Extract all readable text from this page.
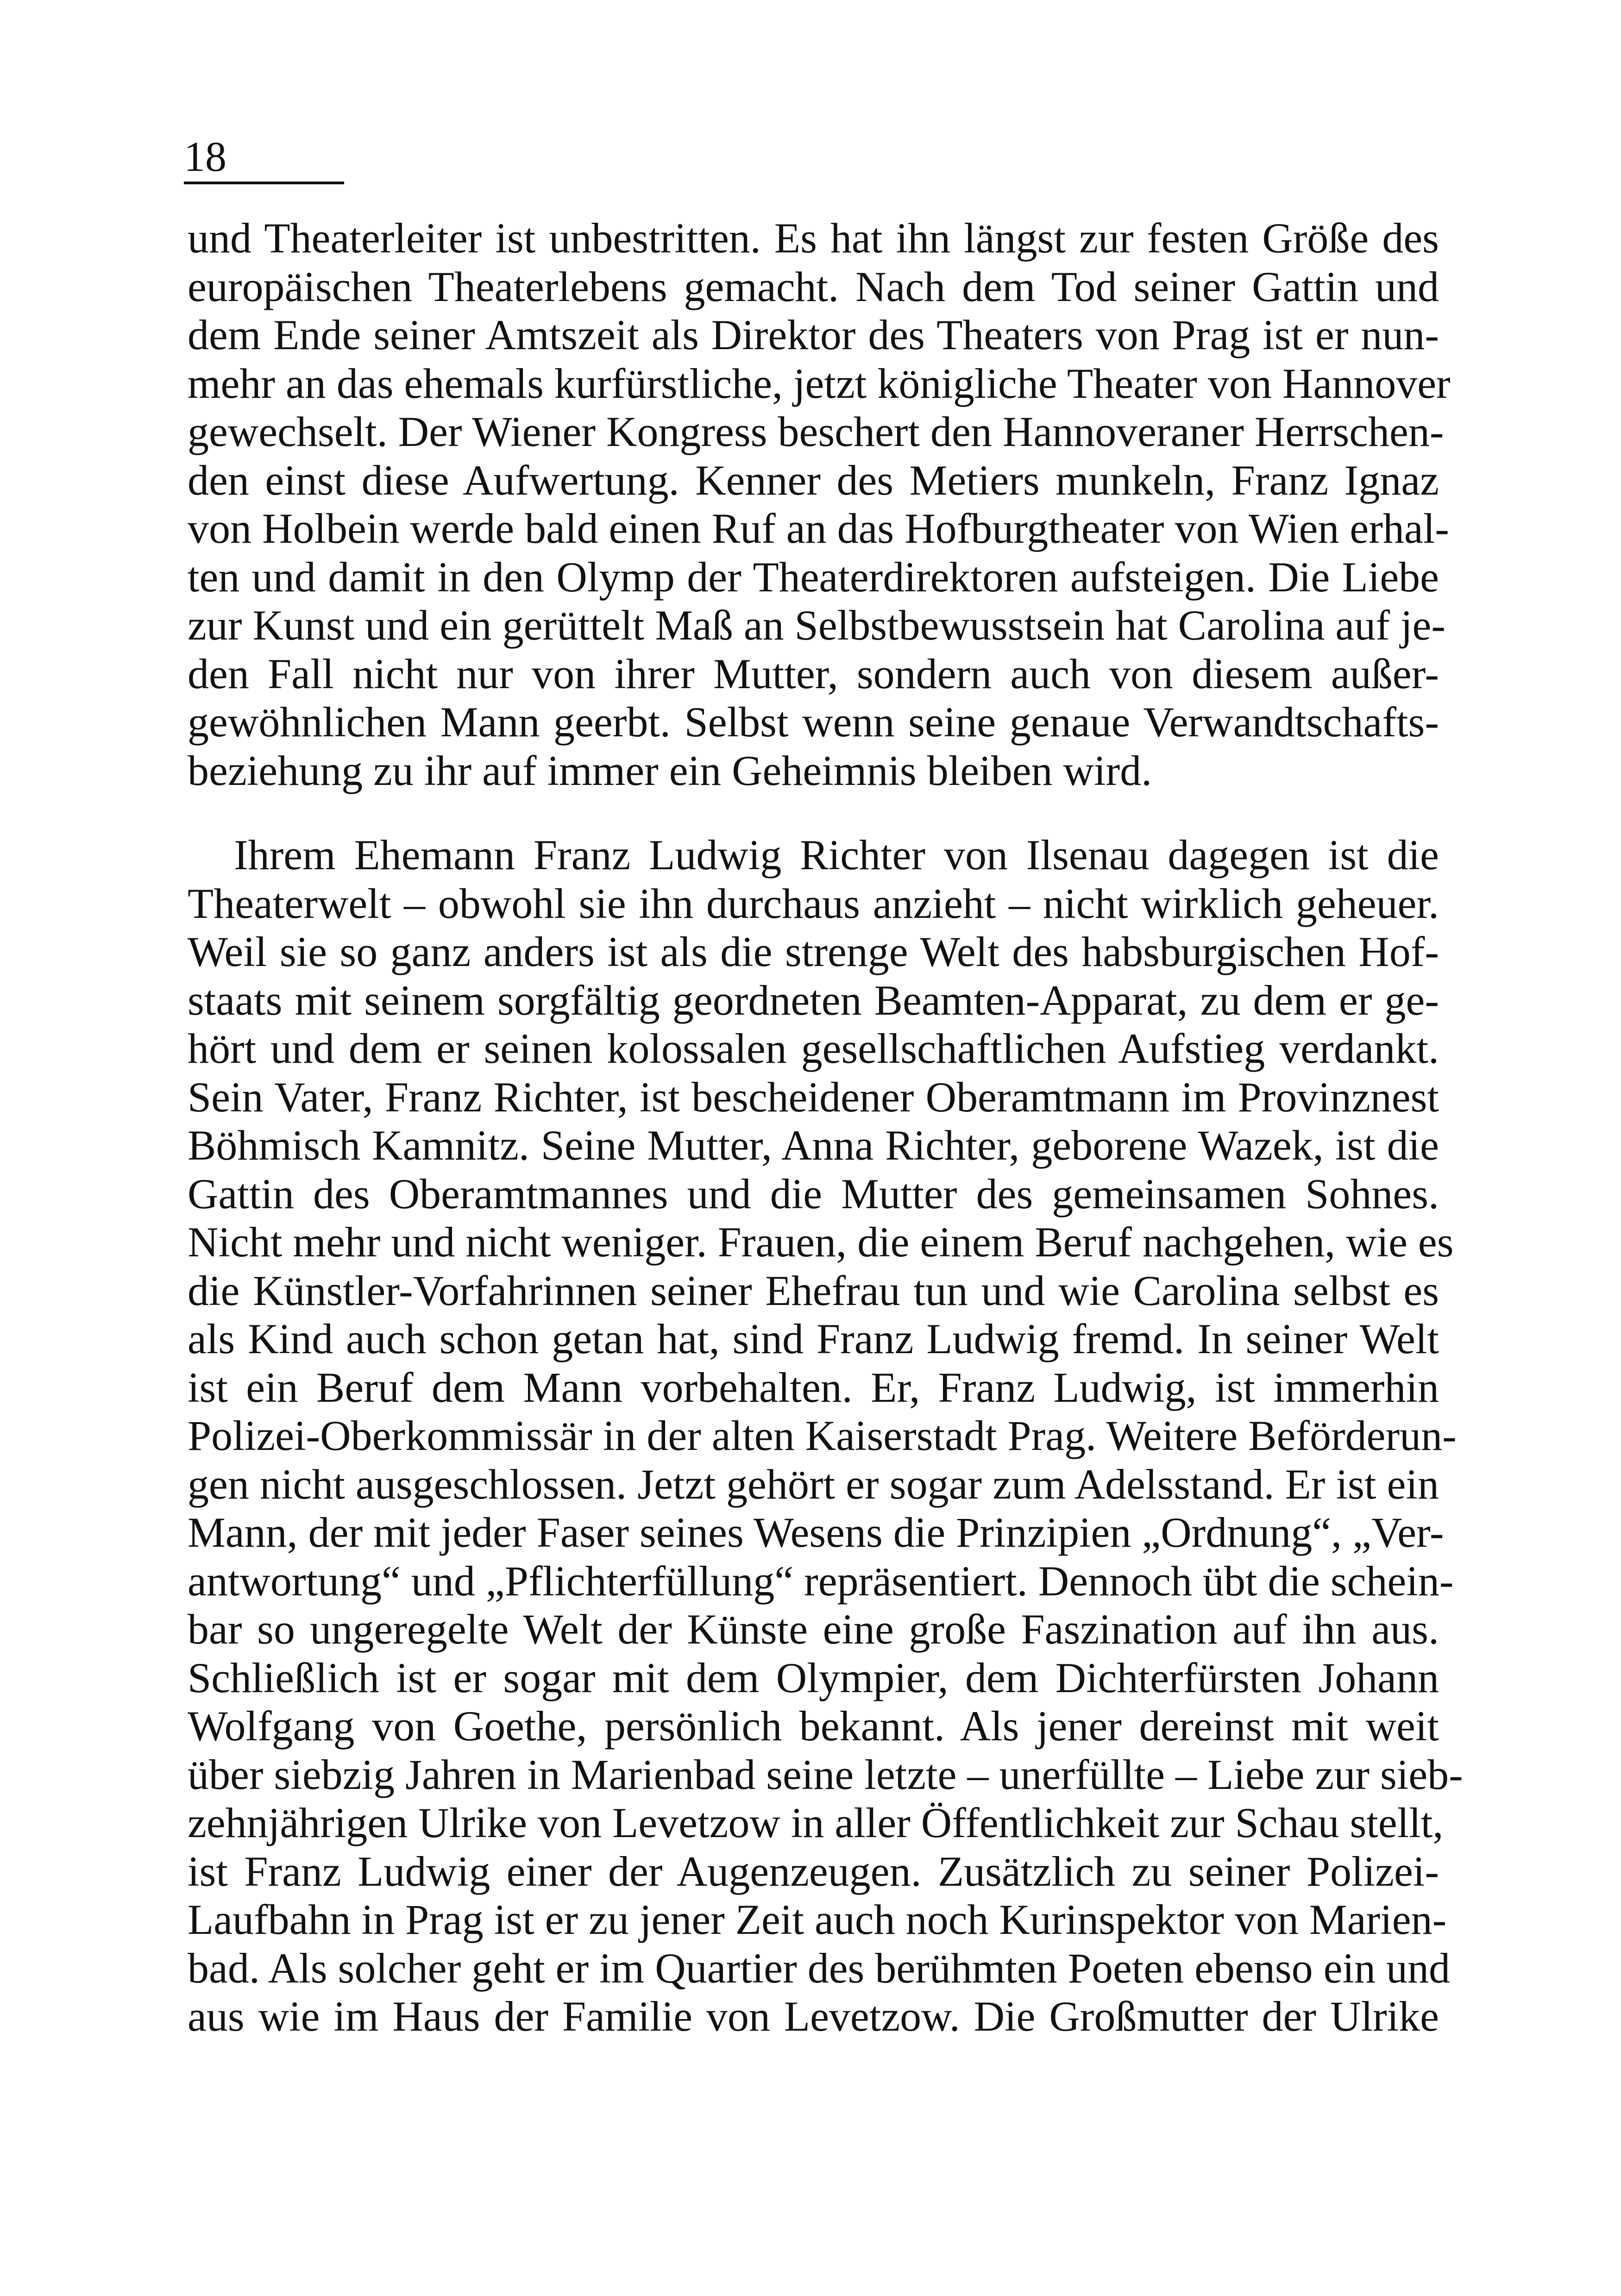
18

und Theaterleiter ist unbestritten. Es hat ihn längst zur festen Größe des
europäischen Theaterlebens gemacht. Nach dem Tod seiner Gattin und
dem Ende seiner Amtszeit als Direktor des Theaters von Prag ist er nun-
mehr an das ehemals kurfürstliche, jetzt königliche Theater von Hannover
gewechselt. Der Wiener Kongress beschert den Hannoveraner Herrschen-
den einst diese Aufwertung. Kenner des Metiers munkeln, Franz Ignaz
von Holbein werde bald einen Ruf an das Hofburgtheater von Wien erhal-
ten und damit in den Olymp der Theaterdirektoren aufsteigen. Die Liebe
zur Kunst und ein gerüttelt Maß an Selbstbewusstsein hat Carolina auf je-
den Fall nicht nur von ihrer Mutter, sondern auch von diesem außer-
gewöhnlichen Mann geerbt. Selbst wenn seine genaue Verwandtschafts-
beziehung zu ihr auf immer ein Geheimnis bleiben wird.

Ihrem Ehemann Franz Ludwig Richter von Ilsenau dagegen ist die
Theaterwelt – obwohl sie ihn durchaus anzieht – nicht wirklich geheuer.
Weil sie so ganz anders ist als die strenge Welt des habsburgischen Hof-
staats mit seinem sorgfältig geordneten Beamten-Apparat, zu dem er ge-
hört und dem er seinen kolossalen gesellschaftlichen Aufstieg verdankt.
Sein Vater, Franz Richter, ist bescheidener Oberamtmann im Provinznest
Böhmisch Kamnitz. Seine Mutter, Anna Richter, geborene Wazek, ist die
Gattin des Oberamtmannes und die Mutter des gemeinsamen Sohnes.
Nicht mehr und nicht weniger. Frauen, die einem Beruf nachgehen, wie es
die Künstler-Vorfahrinnen seiner Ehefrau tun und wie Carolina selbst es
als Kind auch schon getan hat, sind Franz Ludwig fremd. In seiner Welt
ist ein Beruf dem Mann vorbehalten. Er, Franz Ludwig, ist immerhin
Polizei-Oberkommissär in der alten Kaiserstadt Prag. Weitere Beförderun-
gen nicht ausgeschlossen. Jetzt gehört er sogar zum Adelsstand. Er ist ein
Mann, der mit jeder Faser seines Wesens die Prinzipien „Ordnung“, „Ver-
antwortung“ und „Pflichterfüllung“ repräsentiert. Dennoch übt die schein-
bar so ungeregelte Welt der Künste eine große Faszination auf ihn aus.
Schließlich ist er sogar mit dem Olympier, dem Dichterfürsten Johann
Wolfgang von Goethe, persönlich bekannt. Als jener dereinst mit weit
über siebzig Jahren in Marienbad seine letzte – unerfüllte – Liebe zur sieb-
zehnjährigen Ulrike von Levetzow in aller Öffentlichkeit zur Schau stellt,
ist Franz Ludwig einer der Augenzeugen. Zusätzlich zu seiner Polizei-
Laufbahn in Prag ist er zu jener Zeit auch noch Kurinspektor von Marien-
bad. Als solcher geht er im Quartier des berühmten Poeten ebenso ein und
aus wie im Haus der Familie von Levetzow. Die Großmutter der Ulrike
